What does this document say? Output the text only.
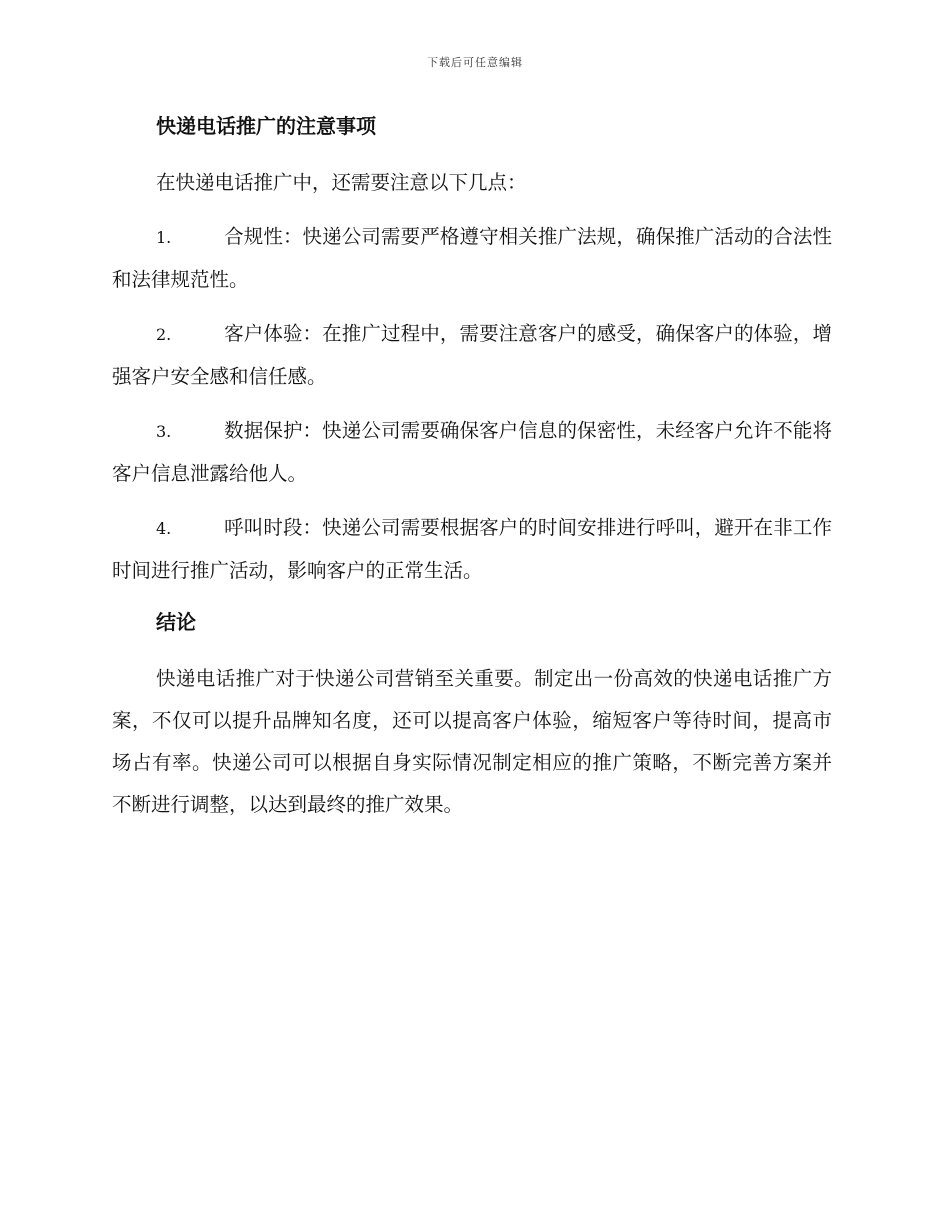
下载后可任意编辑
快递电话推广的注意事项

在快递电话推广中，还需要注意以下几点：

1.	合规性：快递公司需要严格遵守相关推广法规，确保推广活动的合法性和法律规范性。

2.	客户体验：在推广过程中，需要注意客户的感受，确保客户的体验，增强客户安全感和信任感。

3.	数据保护：快递公司需要确保客户信息的保密性，未经客户允许不能将客户信息泄露给他人。

4.	呼叫时段：快递公司需要根据客户的时间安排进行呼叫，避开在非工作时间进行推广活动，影响客户的正常生活。

结论

快递电话推广对于快递公司营销至关重要。制定出一份高效的快递电话推广方案，不仅可以提升品牌知名度，还可以提高客户体验，缩短客户等待时间，提高市场占有率。快递公司可以根据自身实际情况制定相应的推广策略，不断完善方案并不断进行调整，以达到最终的推广效果。
